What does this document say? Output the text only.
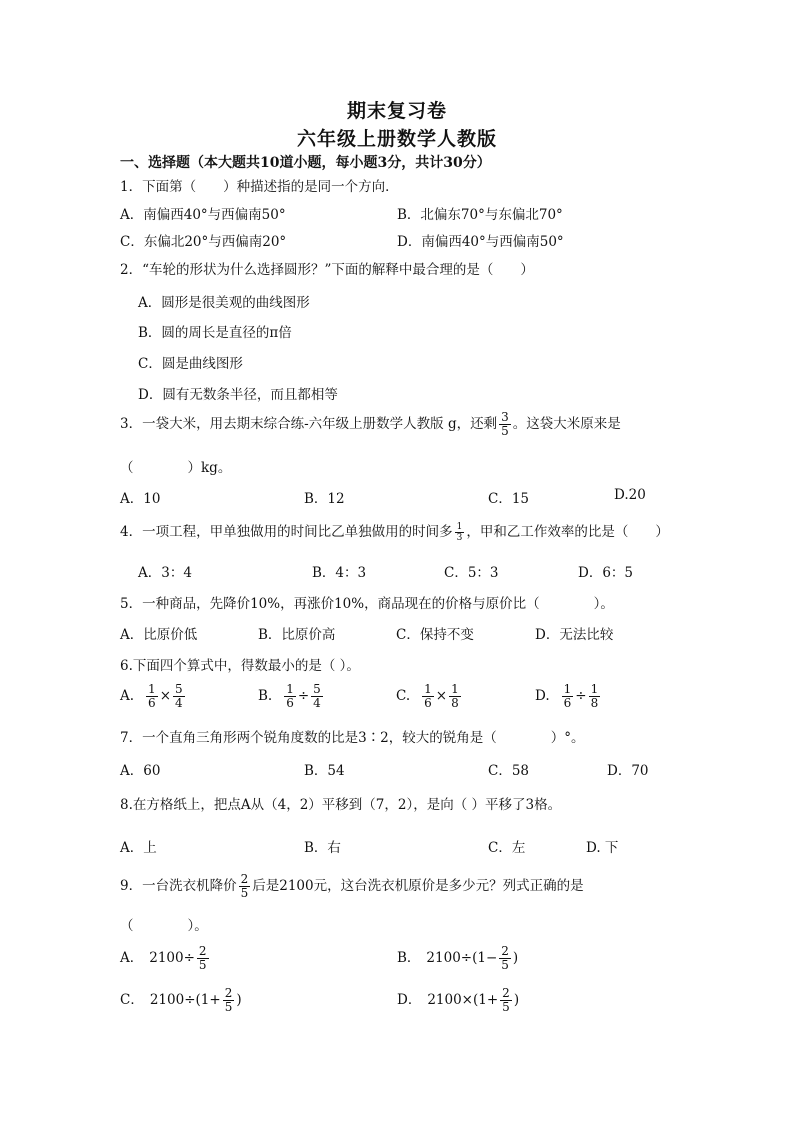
期末复习卷
六年级上册数学人教版
一、选择题（本大题共10道小题，每小题3分，共计30分）
1．下面第（　　）种描述指的是同一个方向．
A．南偏西40°与西偏南50°	B．北偏东70°与东偏北70°
C．东偏北20°与西偏南20°	D．南偏西40°与西偏南50°
2．“车轮的形状为什么选择圆形？”下面的解释中最合理的是（　　）
A．圆形是很美观的曲线图形
B．圆的周长是直径的π倍
C．圆是曲线图形
D．圆有无数条半径，而且都相等
3．一袋大米，用去期末综合练-六年级上册数学人教版 g，还剩 $\frac{3}{5}$ 。这袋大米原来是
（　　　　）kg。
A．10	B．12	C．15	D.20
4．一项工程，甲单独做用的时间比乙单独做用的时间多 $\frac{1}{3}$ ，甲和乙工作效率的比是（　　）
A．3：4	B．4：3	C．5：3	D．6：5
5．一种商品，先降价10%，再涨价10%，商品现在的价格与原价比（　　　　）。
A．比原价低	B．比原价高	C．保持不变	D．无法比较
6.下面四个算式中，得数最小的是（ ）。
A. $\frac{1}{6} \times \frac{5}{4}$	B. $\frac{1}{6} \div \frac{5}{4}$	C. $\frac{1}{6} \times \frac{1}{8}$	D. $\frac{1}{6} \div \frac{1}{8}$
7．一个直角三角形两个锐角度数的比是3∶2，较大的锐角是（　　　　）°。
A．60	B．54	C．58	D．70
8.在方格纸上，把点A从（4，2）平移到（7，2），是向（ ）平移了3格。
A．上	B．右	C．左	D. 下
9．一台洗衣机降价 $\frac{2}{5}$ 后是2100元，这台洗衣机原价是多少元？列式正确的是
（　　　　）。
A． $2100\div \frac{2}{5}$	B． $2100\div(1- \frac{2}{5}$ )
C． $2100\div(1+ \frac{2}{5}$ )	D． $2100\times(1+ \frac{2}{5}$ )
